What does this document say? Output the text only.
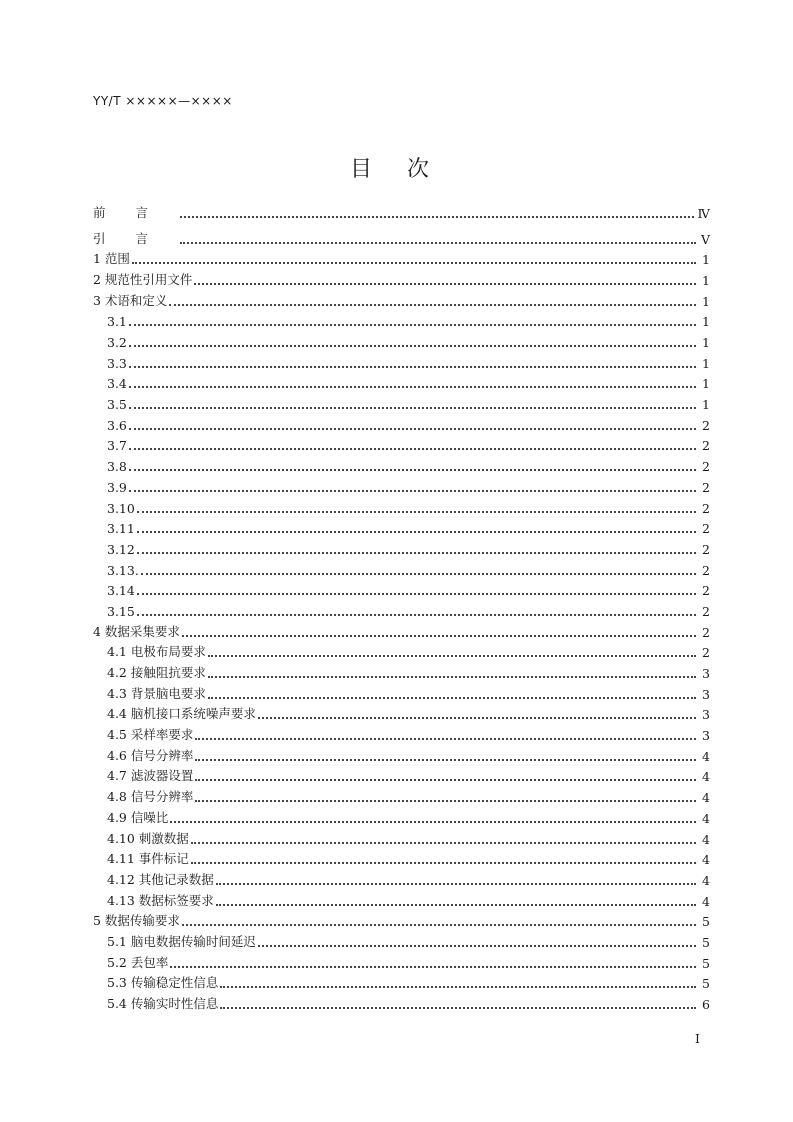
YY/T ×××××—××××
目 次
前言	Ⅳ
引言	Ⅴ
1 范围	1
2 规范性引用文件	1
3 术语和定义	1
3.1	1
3.2	1
3.3	1
3.4	1
3.5	1
3.6	2
3.7	2
3.8	2
3.9	2
3.10	2
3.11	2
3.12	2
3.13.	2
3.14	2
3.15	2
4 数据采集要求	2
4.1 电极布局要求	2
4.2 接触阻抗要求	3
4.3 背景脑电要求	3
4.4 脑机接口系统噪声要求	3
4.5 采样率要求	3
4.6 信号分辨率	4
4.7 滤波器设置	4
4.8 信号分辨率	4
4.9 信噪比	4
4.10 刺激数据	4
4.11 事件标记	4
4.12 其他记录数据	4
4.13 数据标签要求	4
5 数据传输要求	5
5.1 脑电数据传输时间延迟	5
5.2 丢包率	5
5.3 传输稳定性信息	5
5.4 传输实时性信息	6
Ⅰ
